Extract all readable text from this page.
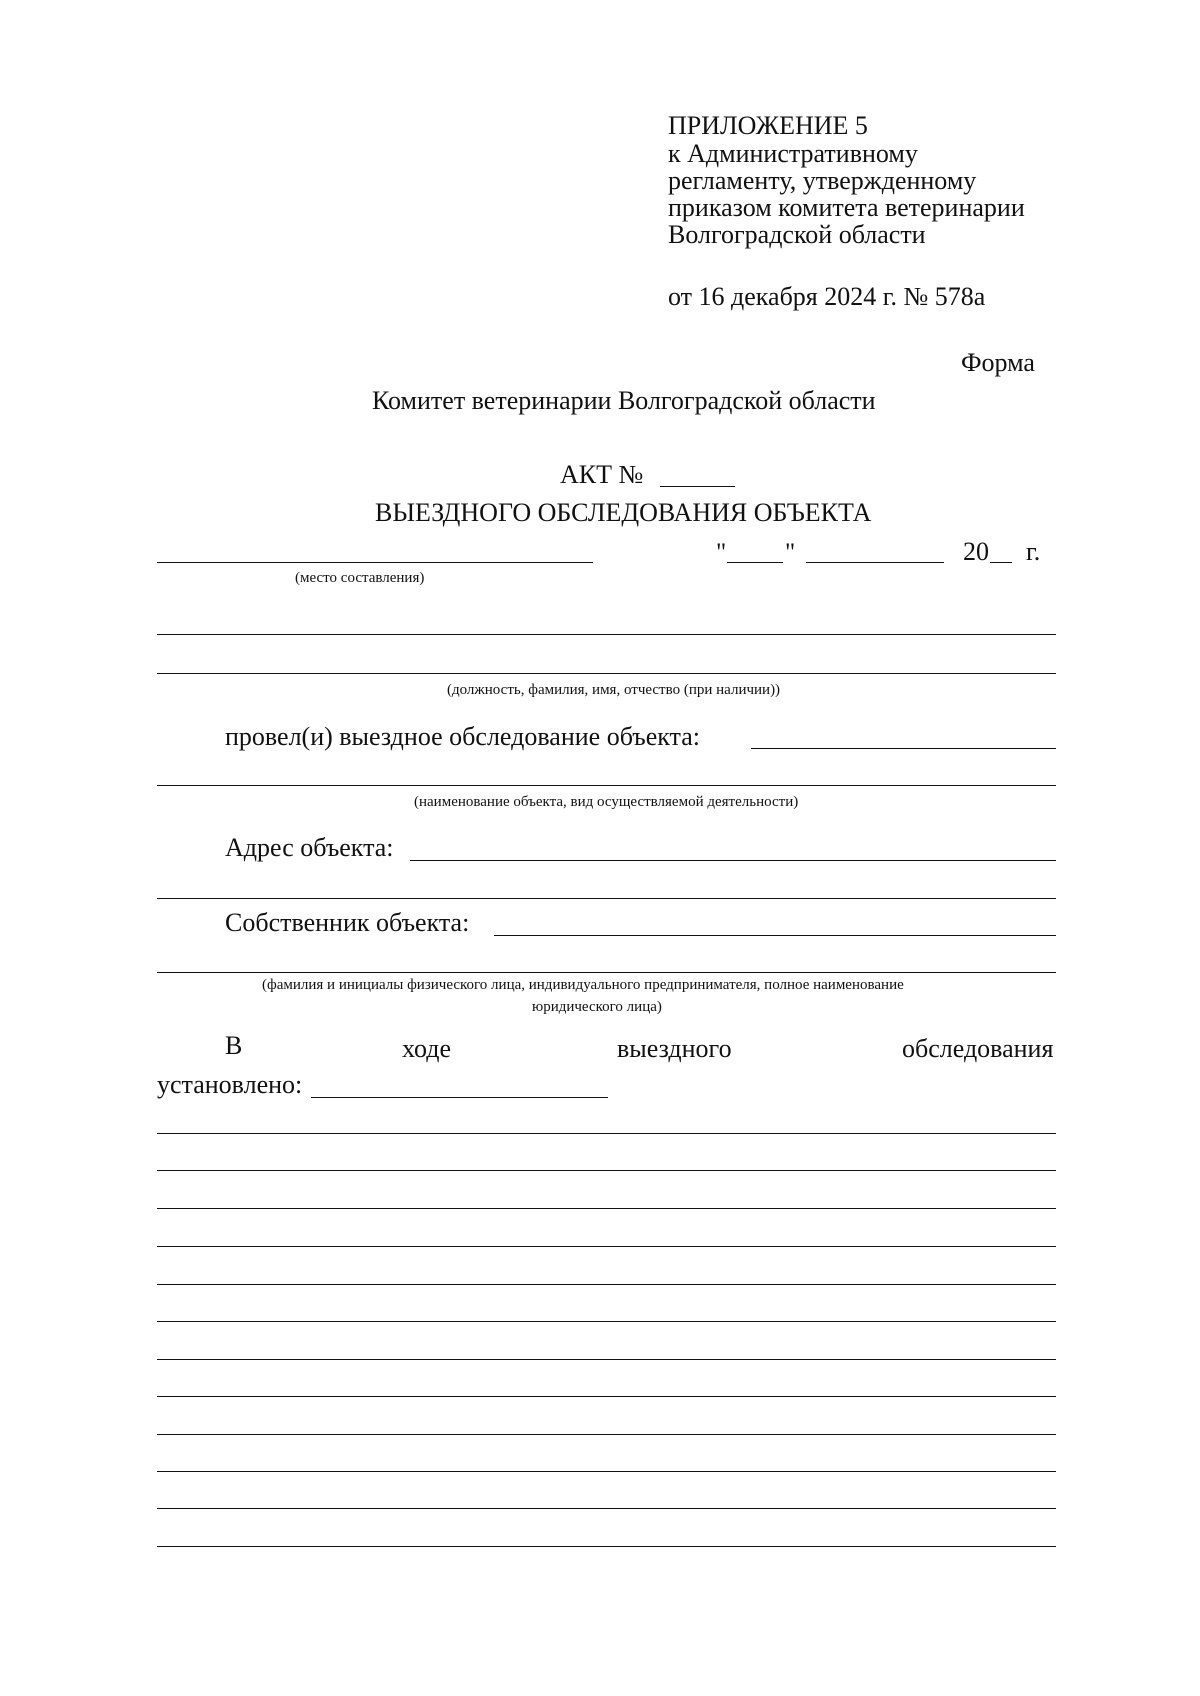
ПРИЛОЖЕНИЕ 5
к Административному
регламенту, утвержденному
приказом комитета ветеринарии
Волгоградской области
от 16 декабря 2024 г. № 578а
Форма
Комитет ветеринарии Волгоградской области
АКТ №
ВЫЕЗДНОГО ОБСЛЕДОВАНИЯ ОБЪЕКТА
" "	20 г.
(место составления)
(должность, фамилия, имя, отчество (при наличии))
провел(и) выездное обследование объекта:
(наименование объекта, вид осуществляемой деятельности)
Адрес объекта:
Собственник объекта:
(фамилия и инициалы физического лица, индивидуального предпринимателя, полное наименование
юридического лица)
В	ходе	выездного	обследования
установлено:
